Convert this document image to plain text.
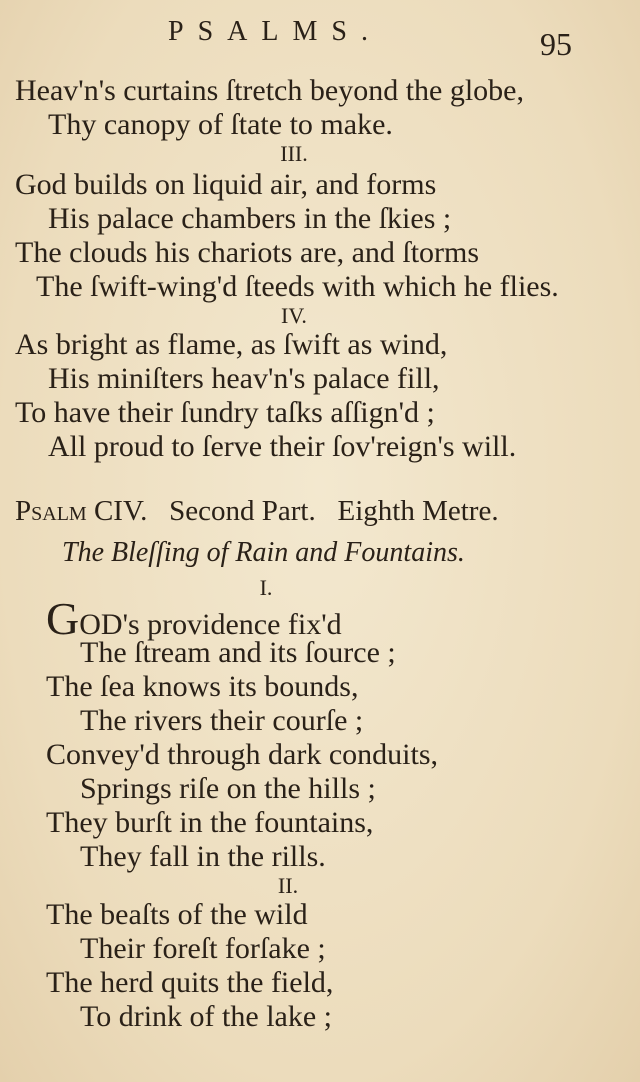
PSALMS.	95
Heav'n's curtains ſtretch beyond the globe,
Thy canopy of ſtate to make.
III.
God builds on liquid air, and forms
His palace chambers in the ſkies ;
The clouds his chariots are, and ſtorms
The ſwift-wing'd ſteeds with which he flies.
IV.
As bright as flame, as ſwift as wind,
His miniſters heav'n's palace fill,
To have their ſundry taſks aſſign'd ;
All proud to ſerve their ſov'reign's will.
Psalm CIV. Second Part. Eighth Metre.
The Bleſſing of Rain and Fountains.
I.
GOD's providence fix'd
The ſtream and its ſource ;
The ſea knows its bounds,
The rivers their courſe ;
Convey'd through dark conduits,
Springs riſe on the hills ;
They burſt in the fountains,
They fall in the rills.
II.
The beaſts of the wild
Their foreſt forſake ;
The herd quits the field,
To drink of the lake ;
